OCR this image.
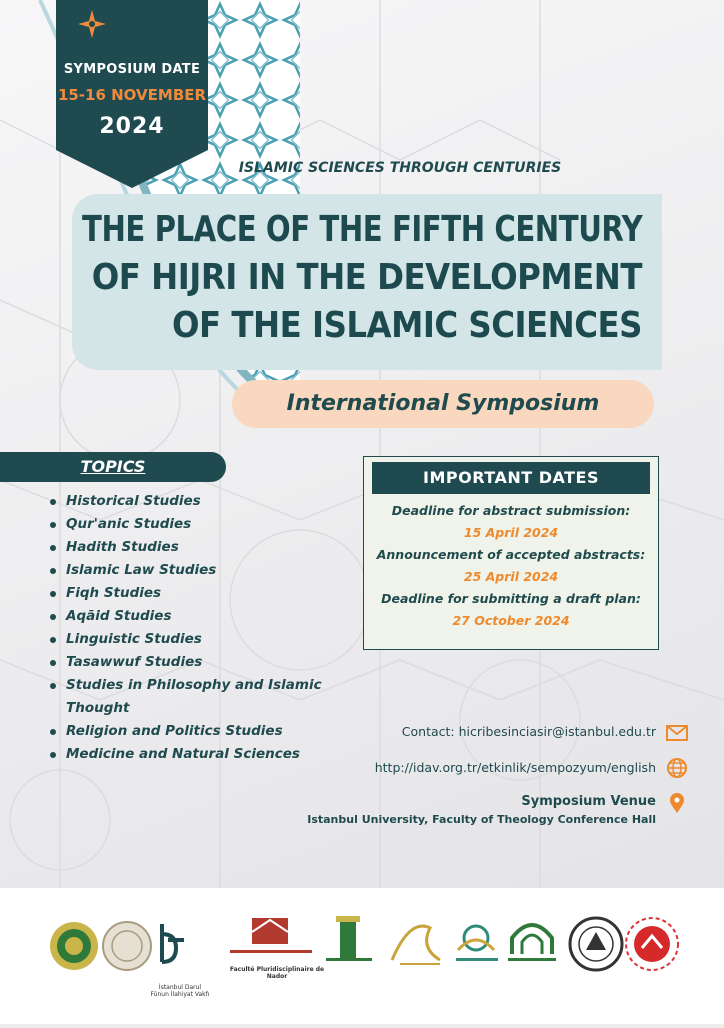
SYMPOSIUM DATE
15-16 NOVEMBER
2024
ISLAMIC SCIENCES THROUGH CENTURIES
THE PLACE OF THE FIFTH CENTURY
OF HIJRI IN THE DEVELOPMENT
OF THE ISLAMIC SCIENCES
International Symposium
TOPICS
Historical Studies
Qur'anic Studies
Hadith Studies
Islamic Law Studies
Fiqh Studies
Aqāid Studies
Linguistic Studies
Tasawwuf Studies
Studies in Philosophy and Islamic Thought
Religion and Politics Studies
Medicine and Natural Sciences
IMPORTANT DATES
Deadline for abstract submission:
15 April 2024
Announcement of accepted abstracts:
25 April 2024
Deadline for submitting a draft plan:
27 October 2024
Contact: hicribesinciasir@istanbul.edu.tr
http://idav.org.tr/etkinlik/sempozyum/english
Symposium Venue
Istanbul University, Faculty of Theology Conference Hall
İstanbul Darul Fünun İlahiyat Vakfı
Faculté Pluridisciplinaire de Nador
